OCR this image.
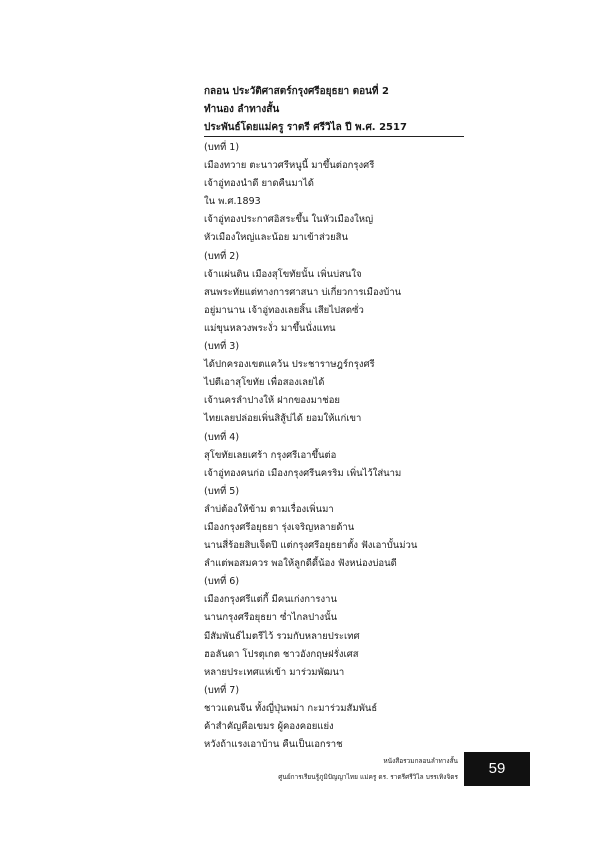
กลอน ประวัติศาสตร์กรุงศรีอยุธยา ตอนที่ 2
ทำนอง ลำทางสั้น
ประพันธ์โดยแม่ครู ราตรี ศรีวิไล ปี พ.ศ. 2517
(บทที่ 1)
เมืองทวาย ตะนาวศรีหนูนี้ มาขึ้นต่อกรุงศรี
เจ้าอู่ทองนำดี ยาดคืนมาได้
ใน พ.ศ.1893
เจ้าอู่ทองประกาศอิสระขึ้น ในหัวเมืองใหญ่
หัวเมืองใหญ่และน้อย มาเข้าส่วยสิน
(บทที่ 2)
เจ้าแผ่นดิน เมืองสุโขทัยนั้น เพิ่นบ่สนใจ
สนพระทัยแต่ทางการศาสนา บ่เกี่ยวการเมืองบ้าน
อยู่มานาน เจ้าอู่ทองเลยสิ้น เสียไปสดซั่ว
แม่ขุนหลวงพระงั่ว มาขึ้นนั่งแทน
(บทที่ 3)
ได้ปกครองเขตแคว้น ประชาราษฎร์กรุงศรี
ไปตีเอาสุโขทัย เพื่อสองเลยได้
เจ้านครลำปางให้ ฝากของมาช่อย
ไทยเลยปล่อยเพิ่นสิสู้บ่ได้ ยอมให้แก่เขา
(บทที่ 4)
สุโขทัยเลยเศร้า กรุงศรีเอาขึ้นต่อ
เจ้าอู่ทองคนก่อ เมืองกรุงศรีนครริม เพิ่นไว้ใส่นาม
(บทที่ 5)
ลำบ่ต้องให้ข้าม ตามเรื่องเพิ่นมา
เมืองกรุงศรีอยุธยา รุ่งเจริญหลายด้าน
นานสี่ร้อยสิบเจ็ดปี แต่กรุงศรีอยุธยาตั้ง ฟังเอาบั้นม่วน
ลำแต่พอสมควร พอให้ลูกดีดี้น้อง ฟังหน่องบ่อนดี
(บทที่ 6)
เมืองกรุงศรีแต่กี้ มีคนเก่งการงาน
นานกรุงศรีอยุธยา ซ่ำไกลปางนั้น
มีสัมพันธ์ไมตรีไว้ รวมกับหลายประเทศ
ฮอลันดา โปรตุเกต ชาวอังกฤษฝรั่งเศส
หลายประเทศแห่เข้า มาร่วมพัฒนา
(บทที่ 7)
ชาวแดนจีน ทั้งญี่ปุ่นพม่า กะมาร่วมสัมพันธ์
ค้าสำคัญคือเขมร ผู้คองคอยแย่ง
หวังถ้าแรงเอาบ้าน คืนเป็นเอกราช
หนังสือรวมกลอนลำทางสั้น
ศูนย์การเรียนรู้ภูมิปัญญาไทย แม่ครู ดร. ราตรีศรีวิไล บรรเทิงจิตร	59
